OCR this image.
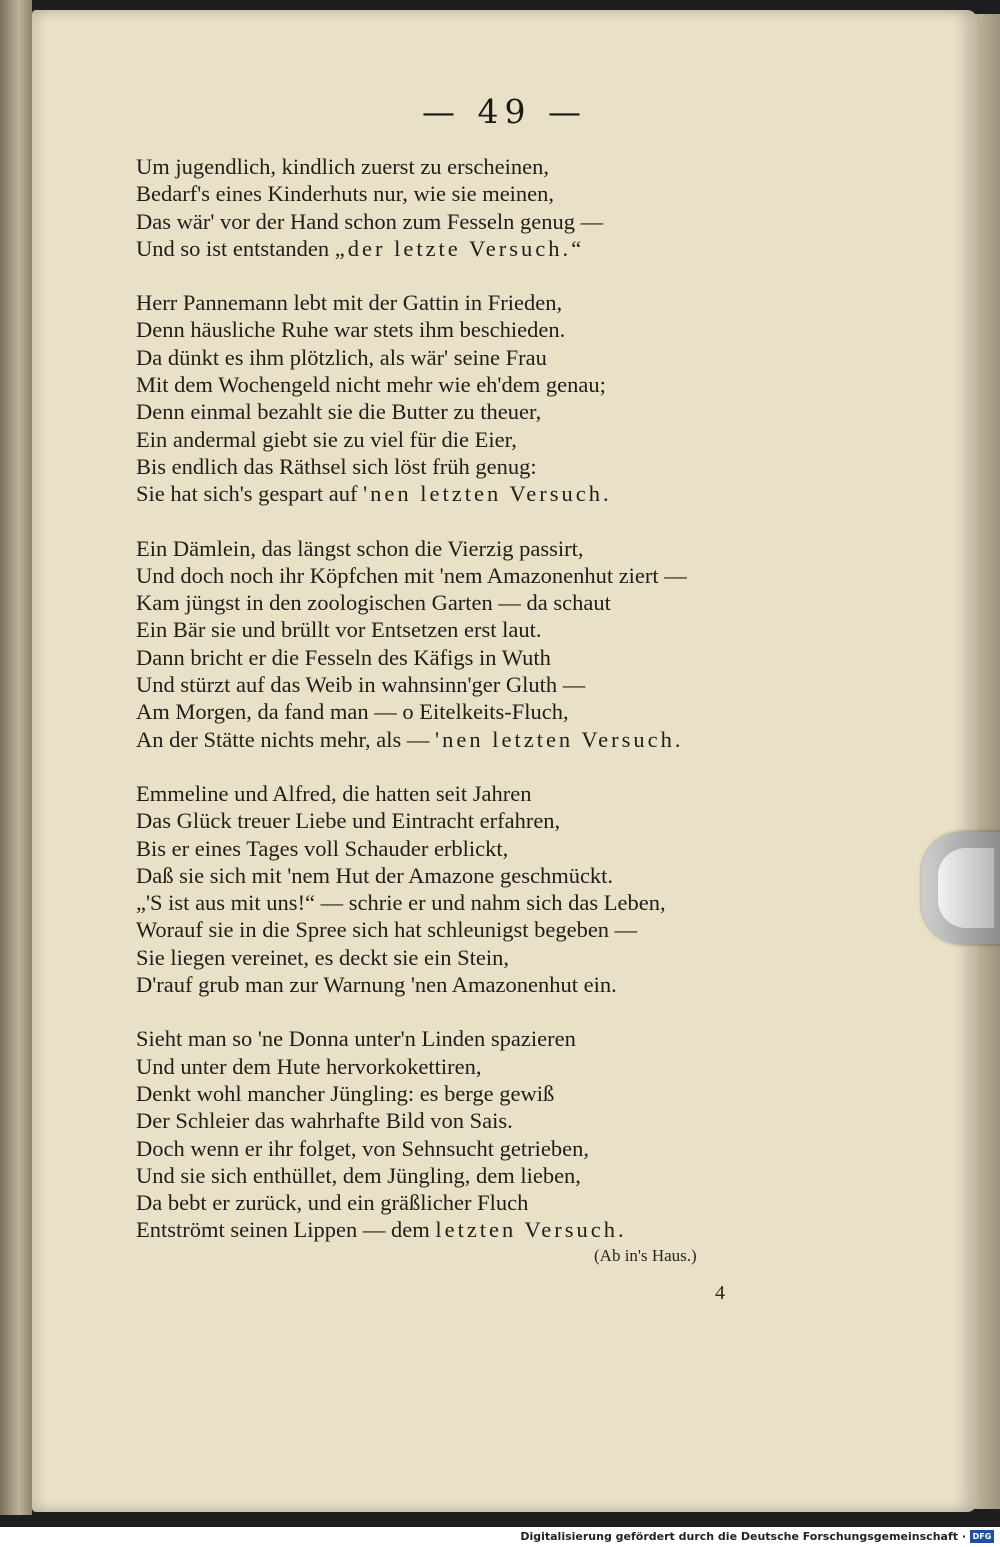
— 49 —
Um jugendlich, kindlich zuerst zu erscheinen,
Bedarf's eines Kinderhuts nur, wie sie meinen,
Das wär' vor der Hand schon zum Fesseln genug —
Und so ist entstanden „der letzte Versuch.“
Herr Pannemann lebt mit der Gattin in Frieden,
Denn häusliche Ruhe war stets ihm beschieden.
Da dünkt es ihm plötzlich, als wär' seine Frau
Mit dem Wochengeld nicht mehr wie eh'dem genau;
Denn einmal bezahlt sie die Butter zu theuer,
Ein andermal giebt sie zu viel für die Eier,
Bis endlich das Räthsel sich löst früh genug:
Sie hat sich's gespart auf 'nen letzten Versuch.
Ein Dämlein, das längst schon die Vierzig passirt,
Und doch noch ihr Köpfchen mit 'nem Amazonenhut ziert —
Kam jüngst in den zoologischen Garten — da schaut
Ein Bär sie und brüllt vor Entsetzen erst laut.
Dann bricht er die Fesseln des Käfigs in Wuth
Und stürzt auf das Weib in wahnsinn'ger Gluth —
Am Morgen, da fand man — o Eitelkeits-Fluch,
An der Stätte nichts mehr, als — 'nen letzten Versuch.
Emmeline und Alfred, die hatten seit Jahren
Das Glück treuer Liebe und Eintracht erfahren,
Bis er eines Tages voll Schauder erblickt,
Daß sie sich mit 'nem Hut der Amazone geschmückt.
„'S ist aus mit uns!“ — schrie er und nahm sich das Leben,
Worauf sie in die Spree sich hat schleunigst begeben —
Sie liegen vereinet, es deckt sie ein Stein,
D'rauf grub man zur Warnung 'nen Amazonenhut ein.
Sieht man so 'ne Donna unter'n Linden spazieren
Und unter dem Hute hervorkokettiren,
Denkt wohl mancher Jüngling: es berge gewiß
Der Schleier das wahrhafte Bild von Sais.
Doch wenn er ihr folget, von Sehnsucht getrieben,
Und sie sich enthüllet, dem Jüngling, dem lieben,
Da bebt er zurück, und ein gräßlicher Fluch
Entströmt seinen Lippen — dem letzten Versuch.
(Ab in's Haus.)
4
Digitalisierung gefördert durch die Deutsche Forschungsgemeinschaft · DFG
